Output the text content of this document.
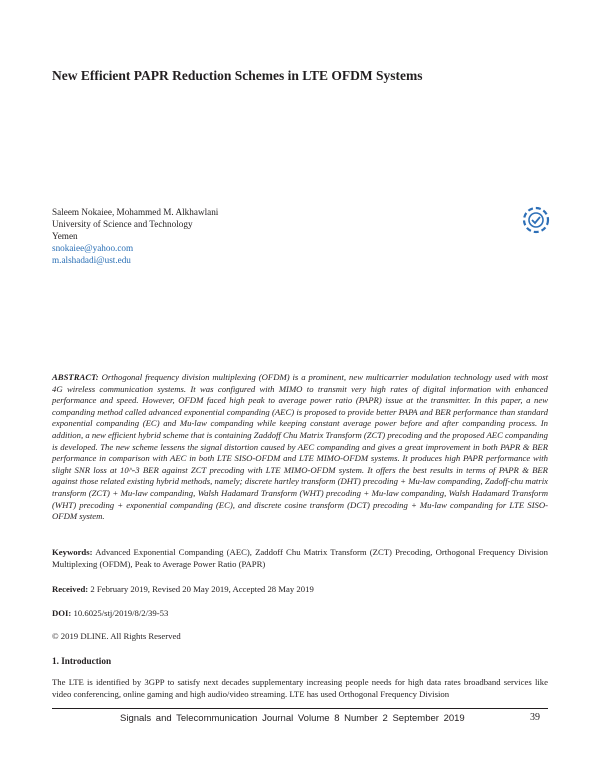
New Efficient PAPR Reduction Schemes in LTE OFDM Systems
Saleem Nokaiee, Mohammed M. Alkhawlani
University of Science and Technology
Yemen
snokaiee@yahoo.com
m.alshadadi@ust.edu
ABSTRACT: Orthogonal frequency division multiplexing (OFDM) is a prominent, new multicarrier modulation technology used with most 4G wireless communication systems. It was configured with MIMO to transmit very high rates of digital information with enhanced performance and speed. However, OFDM faced high peak to average power ratio (PAPR) issue at the transmitter. In this paper, a new companding method called advanced exponential companding (AEC) is proposed to provide better PAPA and BER performance than standard exponential companding (EC) and Mu-law companding while keeping constant average power before and after companding process. In addition, a new efficient hybrid scheme that is containing Zaddoff Chu Matrix Transform (ZCT) precoding and the proposed AEC companding is developed. The new scheme lessens the signal distortion caused by AEC companding and gives a great improvement in both PAPR & BER performance in comparison with AEC in both LTE SISO-OFDM and LTE MIMO-OFDM systems. It produces high PAPR performance with slight SNR loss at 10^-3 BER against ZCT precoding with LTE MIMO-OFDM system. It offers the best results in terms of PAPR & BER against those related existing hybrid methods, namely; discrete hartley transform (DHT) precoding + Mu-law companding, Zadoff-chu matrix transform (ZCT) + Mu-law companding, Walsh Hadamard Transform (WHT) precoding + Mu-law companding, Walsh Hadamard Transform (WHT) precoding + exponential companding (EC), and discrete cosine transform (DCT) precoding + Mu-law companding for LTE SISO-OFDM system.
Keywords: Advanced Exponential Companding (AEC), Zaddoff Chu Matrix Transform (ZCT) Precoding, Orthogonal Frequency Division Multiplexing (OFDM), Peak to Average Power Ratio (PAPR)
Received: 2 February 2019, Revised 20 May 2019, Accepted 28 May 2019
DOI: 10.6025/stj/2019/8/2/39-53
© 2019 DLINE. All Rights Reserved
1. Introduction
The LTE is identified by 3GPP to satisfy next decades supplementary increasing people needs for high data rates broadband services like video conferencing, online gaming and high audio/video streaming. LTE has used Orthogonal Frequency Division
Signals and Telecommunication Journal Volume 8 Number 2 September 2019	39
